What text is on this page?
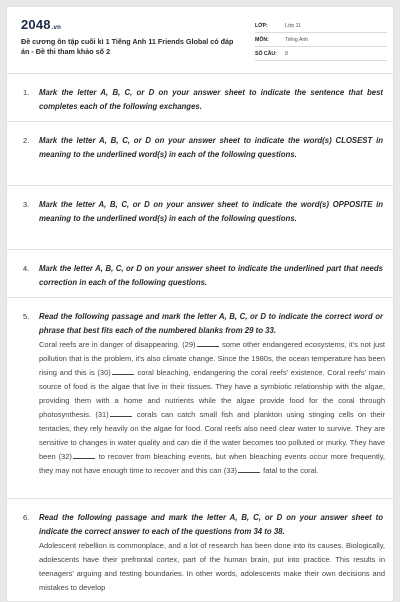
2048.vn
Đề cương ôn tập cuối kì 1 Tiếng Anh 11 Friends Global có đáp án - Đề thi tham khảo số 2
LỚP:	Lớp 11
MÔN:	Tiếng Anh
SỐ CÂU:	8
1. Mark the letter A, B, C, or D on your answer sheet to indicate the sentence that best completes each of the following exchanges.
2. Mark the letter A, B, C, or D on your answer sheet to indicate the word(s) CLOSEST in meaning to the underlined word(s) in each of the following questions.
3. Mark the letter A, B, C, or D on your answer sheet to indicate the word(s) OPPOSITE in meaning to the underlined word(s) in each of the following questions.
4. Mark the letter A, B, C, or D on your answer sheet to indicate the underlined part that needs correction in each of the following questions.
5. Read the following passage and mark the letter A, B, C, or D to indicate the correct word or phrase that best fits each of the numbered blanks from 29 to 33.
Coral reefs are in danger of disappearing. (29)	some other endangered ecosystems, it's not just pollution that is the problem, it's also climate change. Since the 1980s, the ocean temperature has been rising and this is (30)	coral bleaching, endangering the coral reefs' existence. Coral reefs' main source of food is the algae that live in their tissues. They have a symbiotic relationship with the algae, providing them with a home and nutrients while the algae provide food for the coral through photosynthesis. (31)	corals can catch small fish and plankton using stinging cells on their tentacles, they rely heavily on the algae for food. Coral reefs also need clear water to survive. They are sensitive to changes in water quality and can die if the water becomes too polluted or murky. They have been (32)	to recover from bleaching events, but when bleaching events occur more frequently, they may not have enough time to recover and this can (33)	fatal to the coral.
6. Read the following passage and mark the letter A, B, C, or D on your answer sheet to indicate the correct answer to each of the questions from 34 to 38.
Adolescent rebellion is commonplace, and a lot of research has been done into its causes. Biologically, adolescents have their prefrontal cortex, part of the human brain, put into practice. This results in teenagers' arguing and testing boundaries. In other words, adolescents make their own decisions and mistakes to develop
